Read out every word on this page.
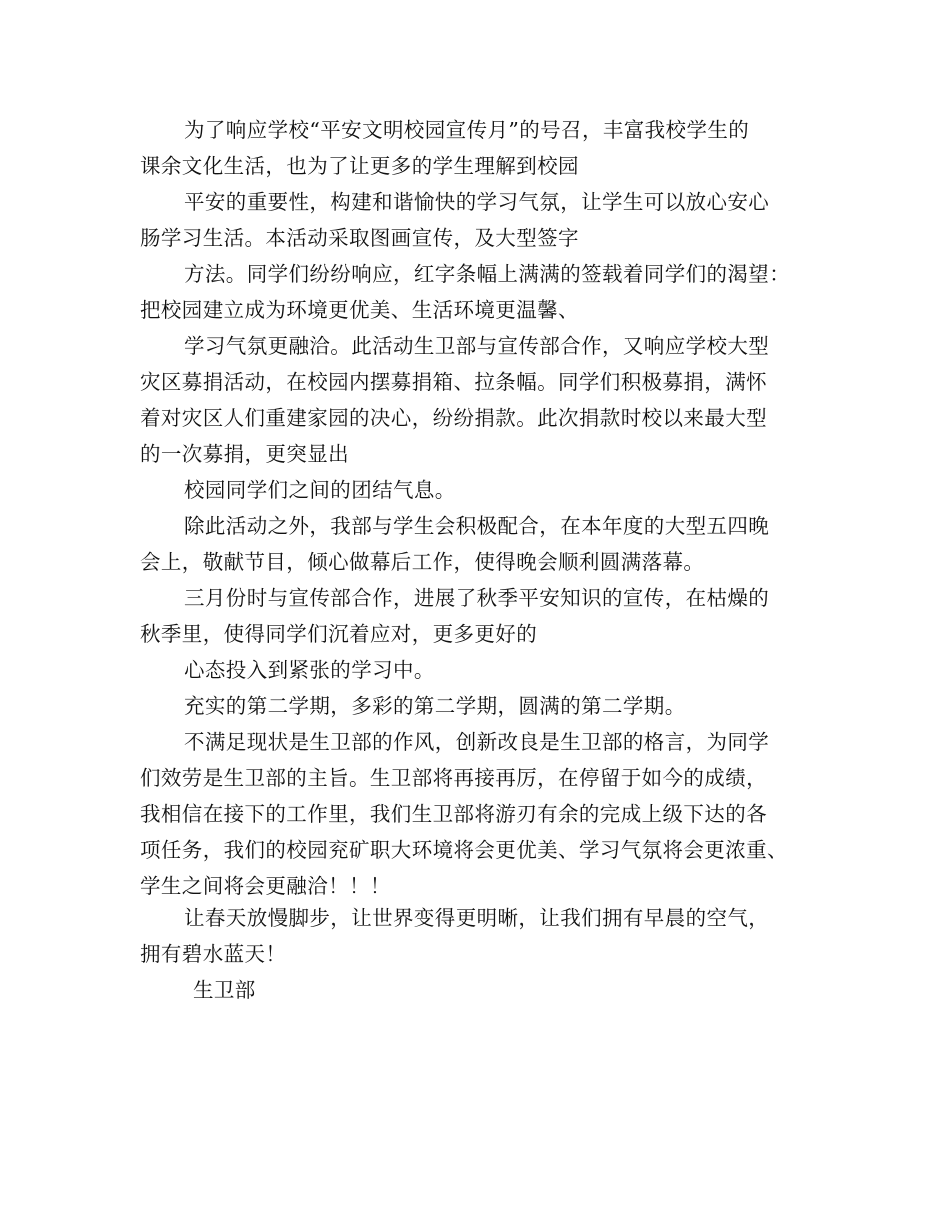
为了响应学校“平安文明校园宣传月”的号召，丰富我校学生的
课余文化生活，也为了让更多的学生理解到校园

平安的重要性，构建和谐愉快的学习气氛，让学生可以放心安心
肠学习生活。本活动采取图画宣传，及大型签字

方法。同学们纷纷响应，红字条幅上满满的签载着同学们的渴望：
把校园建立成为环境更优美、生活环境更温馨、

学习气氛更融洽。此活动生卫部与宣传部合作，又响应学校大型
灾区募捐活动，在校园内摆募捐箱、拉条幅。同学们积极募捐，满怀
着对灾区人们重建家园的决心，纷纷捐款。此次捐款时校以来最大型
的一次募捐，更突显出

校园同学们之间的团结气息。

除此活动之外，我部与学生会积极配合，在本年度的大型五四晚
会上，敬献节目，倾心做幕后工作，使得晚会顺利圆满落幕。

三月份时与宣传部合作，进展了秋季平安知识的宣传，在枯燥的
秋季里，使得同学们沉着应对，更多更好的

心态投入到紧张的学习中。

充实的第二学期，多彩的第二学期，圆满的第二学期。

不满足现状是生卫部的作风，创新改良是生卫部的格言，为同学
们效劳是生卫部的主旨。生卫部将再接再厉，在停留于如今的成绩，
我相信在接下的工作里，我们生卫部将游刃有余的完成上级下达的各
项任务，我们的校园兖矿职大环境将会更优美、学习气氛将会更浓重、
学生之间将会更融洽！！！

让春天放慢脚步，让世界变得更明晰，让我们拥有早晨的空气，
拥有碧水蓝天！

生卫部
